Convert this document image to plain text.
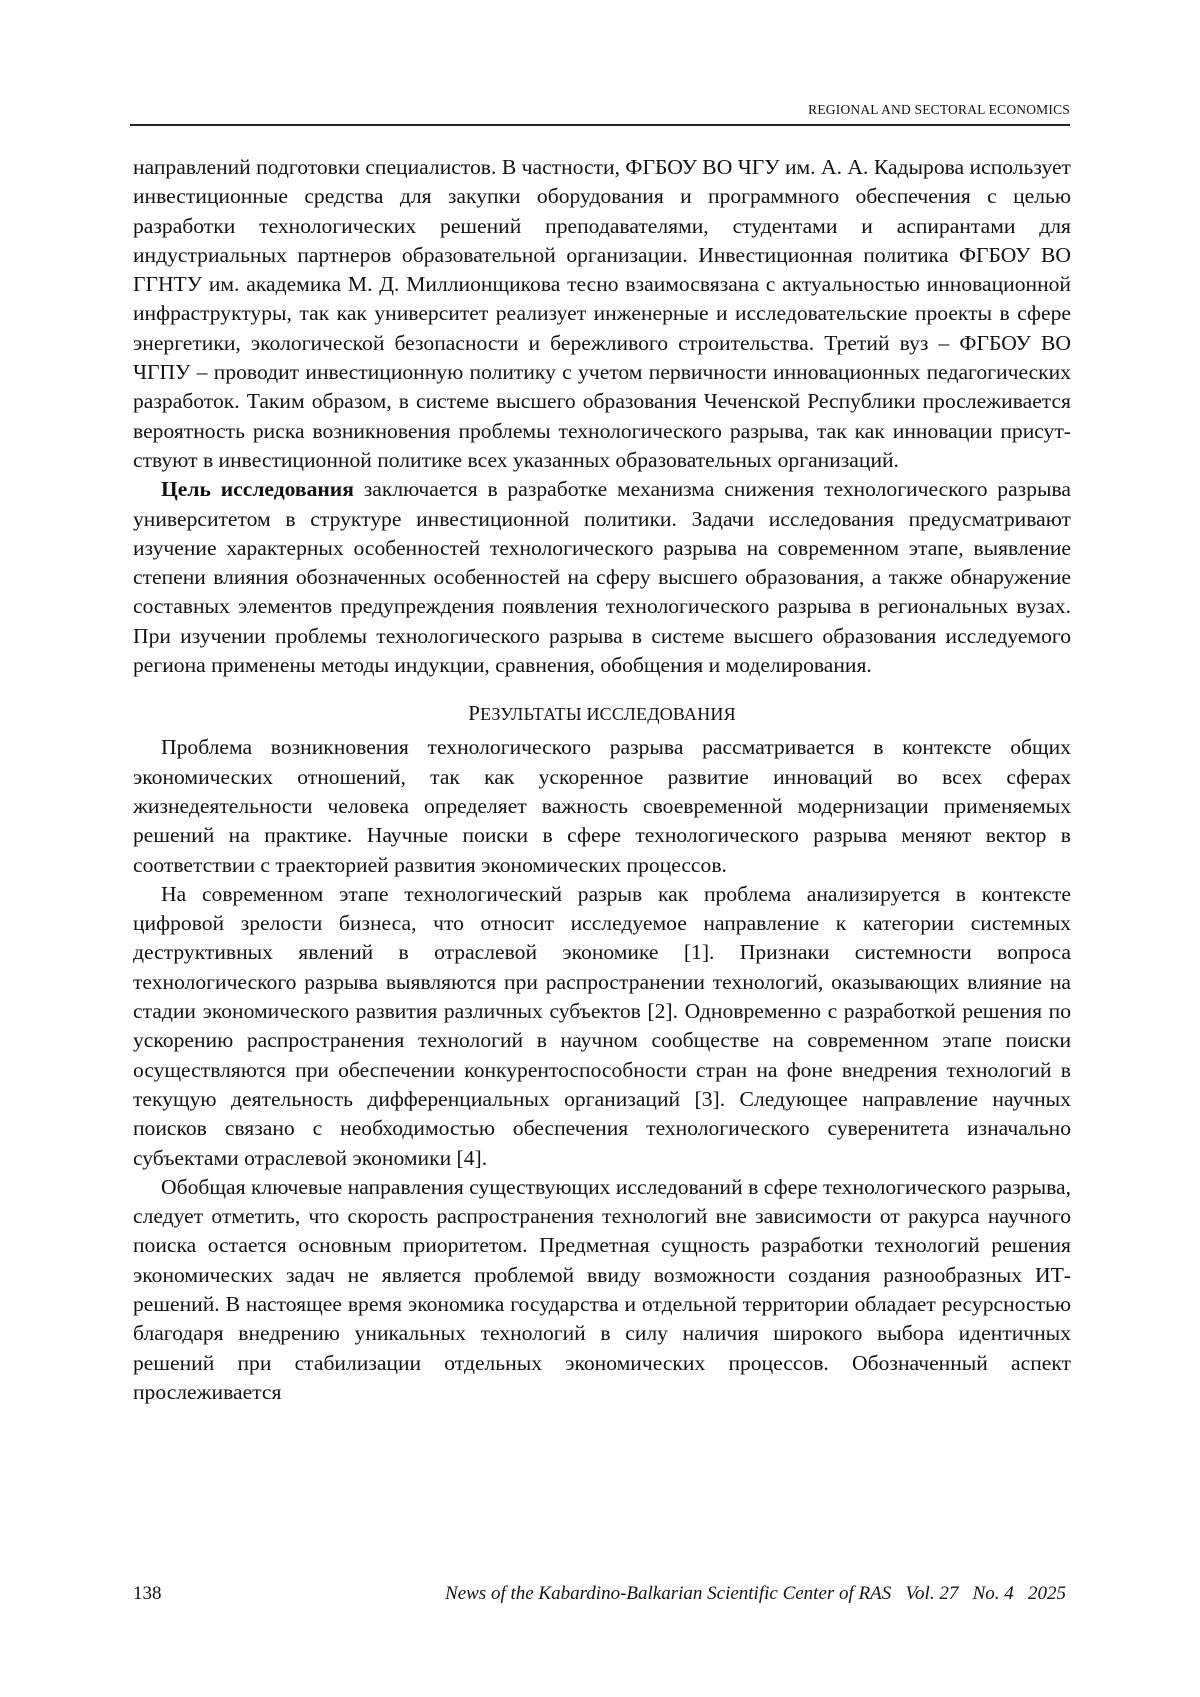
REGIONAL AND SECTORAL ECONOMICS

направлений подготовки специалистов. В частности, ФГБОУ ВО ЧГУ им. А. А. Кадырова использует инвестиционные средства для закупки оборудования и программного обеспечения с целью разработки технологических решений преподавателями, студентами и аспирантами для индустриальных партнеров образовательной организации. Инвестиционная политика ФГБОУ ВО ГГНТУ им. академика М. Д. Миллионщикова тесно взаимосвязана с актуальностью инновационной инфраструктуры, так как университет реализует инженерные и исследовательские проекты в сфере энергетики, экологической безопасности и бережливого строительства. Третий вуз – ФГБОУ ВО ЧГПУ – проводит инвестиционную политику с учетом первичности инновационных педагогических разработок. Таким образом, в системе высшего образования Чеченской Республики прослеживается вероятность риска возникновения проблемы технологического разрыва, так как инновации присутствуют в инвестиционной политике всех указанных образовательных организаций.

Цель исследования заключается в разработке механизма снижения технологического разрыва университетом в структуре инвестиционной политики. Задачи исследования предусматривают изучение характерных особенностей технологического разрыва на современном этапе, выявление степени влияния обозначенных особенностей на сферу высшего образования, а также обнаружение составных элементов предупреждения появления технологического разрыва в региональных вузах. При изучении проблемы технологического разрыва в системе высшего образования исследуемого региона применены методы индукции, сравнения, обобщения и моделирования.

РЕЗУЛЬТАТЫ ИССЛЕДОВАНИЯ

Проблема возникновения технологического разрыва рассматривается в контексте общих экономических отношений, так как ускоренное развитие инноваций во всех сферах жизнедеятельности человека определяет важность своевременной модернизации применяемых решений на практике. Научные поиски в сфере технологического разрыва меняют вектор в соответствии с траекторией развития экономических процессов.

На современном этапе технологический разрыв как проблема анализируется в контексте цифровой зрелости бизнеса, что относит исследуемое направление к категории системных деструктивных явлений в отраслевой экономике [1]. Признаки системности вопроса технологического разрыва выявляются при распространении технологий, оказывающих влияние на стадии экономического развития различных субъектов [2]. Одновременно с разработкой решения по ускорению распространения технологий в научном сообществе на современном этапе поиски осуществляются при обеспечении конкурентоспособности стран на фоне внедрения технологий в текущую деятельность дифференциальных организаций [3]. Следующее направление научных поисков связано с необходимостью обеспечения технологического суверенитета изначально субъектами отраслевой экономики [4].

Обобщая ключевые направления существующих исследований в сфере технологического разрыва, следует отметить, что скорость распространения технологий вне зависимости от ракурса научного поиска остается основным приоритетом. Предметная сущность разработки технологий решения экономических задач не является проблемой ввиду возможности создания разнообразных ИТ-решений. В настоящее время экономика государства и отдельной территории обладает ресурсностью благодаря внедрению уникальных технологий в силу наличия широкого выбора идентичных решений при стабилизации отдельных экономических процессов. Обозначенный аспект прослеживается

138	News of the Kabardino-Balkarian Scientific Center of RAS   Vol. 27   No. 4   2025
